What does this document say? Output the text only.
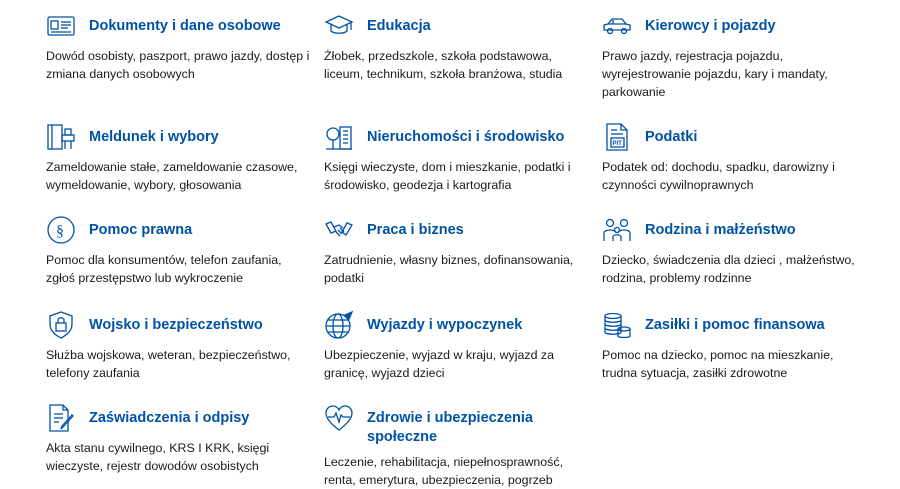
Dokumenty i dane osobowe
Dowód osobisty, paszport, prawo jazdy, dostęp i zmiana danych osobowych
Edukacja
Żłobek, przedszkole, szkoła podstawowa, liceum, technikum, szkoła branżowa, studia
Kierowcy i pojazdy
Prawo jazdy, rejestracja pojazdu, wyrejestrowanie pojazdu, kary i mandaty, parkowanie
Meldunek i wybory
Zameldowanie stałe, zameldowanie czasowe, wymeldowanie, wybory, głosowania
Nieruchomości i środowisko
Księgi wieczyste, dom i mieszkanie, podatki i środowisko, geodezja i kartografia
PIT Podatki
Podatek od: dochodu, spadku, darowizny i czynności cywilnoprawnych
§ Pomoc prawna
Pomoc dla konsumentów, telefon zaufania, zgłoś przestępstwo lub wykroczenie
Praca i biznes
Zatrudnienie, własny biznes, dofinansowania, podatki
Rodzina i małżeństwo
Dziecko, świadczenia dla dzieci , małżeństwo, rodzina, problemy rodzinne
Wojsko i bezpieczeństwo
Służba wojskowa, weteran, bezpieczeństwo, telefony zaufania
Wyjazdy i wypoczynek
Ubezpieczenie, wyjazd w kraju, wyjazd za granicę, wyjazd dzieci
Zasiłki i pomoc finansowa
Pomoc na dziecko, pomoc na mieszkanie, trudna sytuacja, zasiłki zdrowotne
Zaświadczenia i odpisy
Akta stanu cywilnego, KRS I KRK, księgi wieczyste, rejestr dowodów osobistych
Zdrowie i ubezpieczenia społeczne
Leczenie, rehabilitacja, niepełnosprawność, renta, emerytura, ubezpieczenia, pogrzeb
